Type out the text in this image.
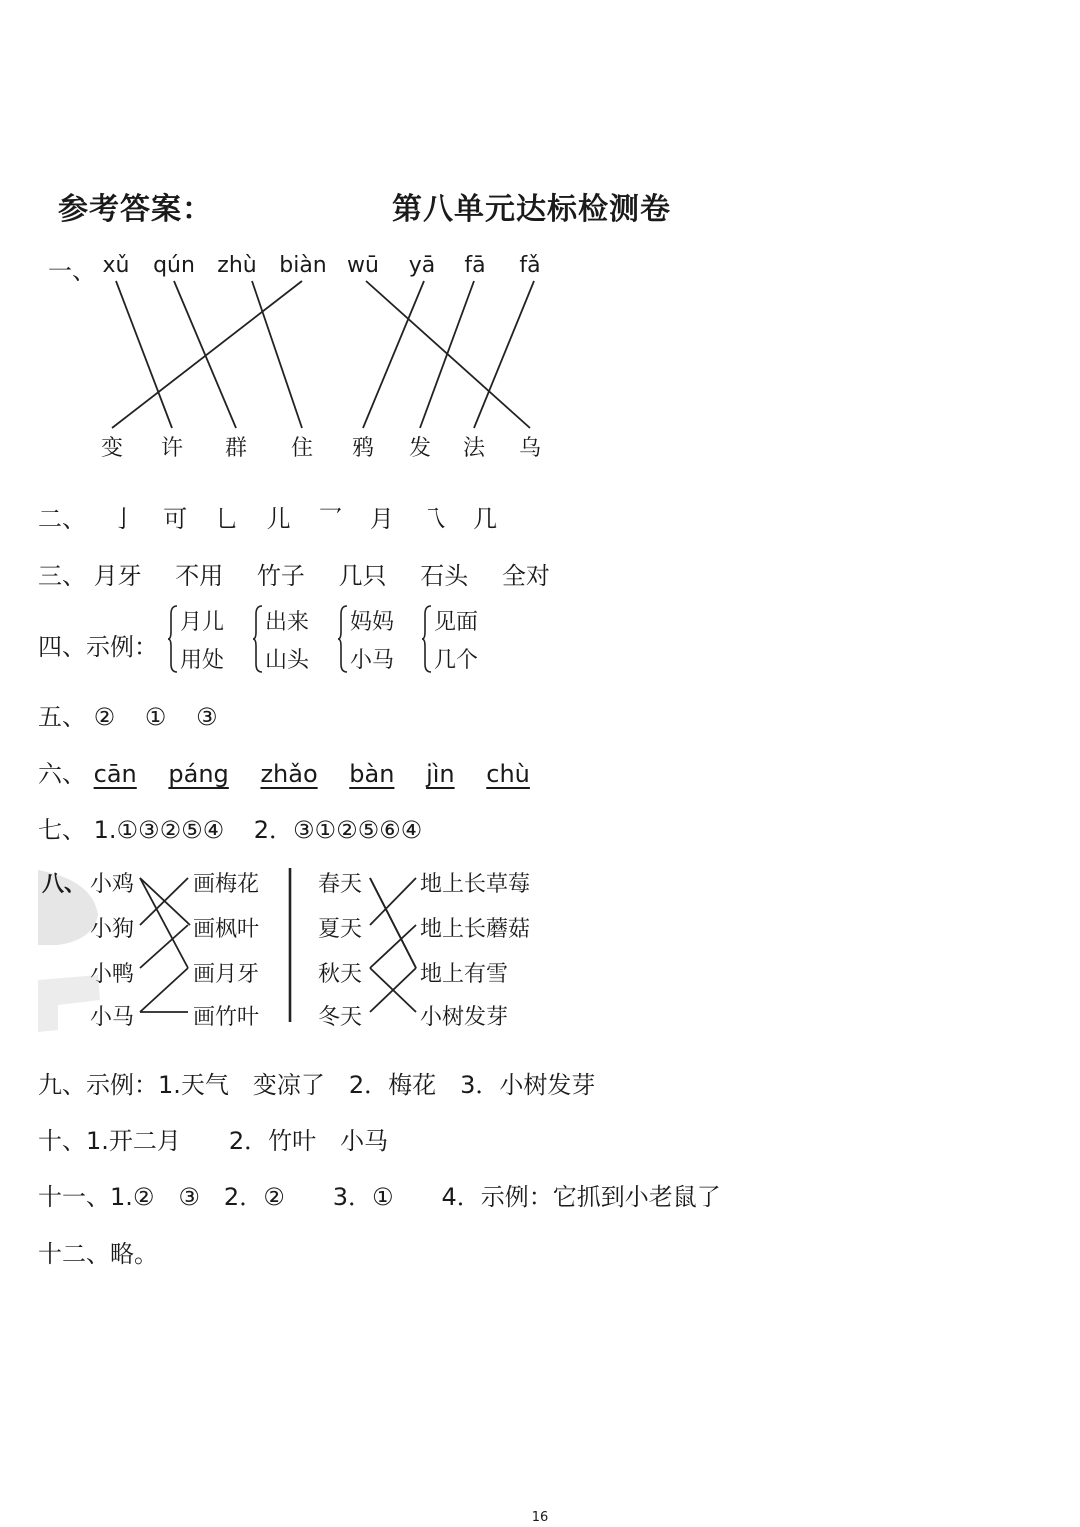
参考答案：	第八单元达标检测卷
一、 xǔ qún zhù biàn wū yā fā fǎ
变 许 群 住 鸦 发 法 乌
二、 亅 可 乚 儿 乛 月 乁 几
三、 月牙 不用 竹子 几只 石头 全对
四、示例：
月儿
用处
出来
山头
妈妈
小马
见面
几个
五、 ② ① ③
六、 cān páng zhǎo bàn jìn chù
七、 1.①③②⑤④ 2．③①②⑤⑥④
八、 小鸡
小狗
小鸭
小马
画梅花
画枫叶
画月牙
画竹叶
春天
夏天
秋天
冬天
地上长草莓
地上长蘑菇
地上有雪
小树发芽
九、示例：1.天气　变凉了　2．梅花　3．小树发芽
十、1.开二月　　2．竹叶　小马
十一、1.②　③　2．②　　3．①　　4．示例：它抓到小老鼠了
十二、略。
16
